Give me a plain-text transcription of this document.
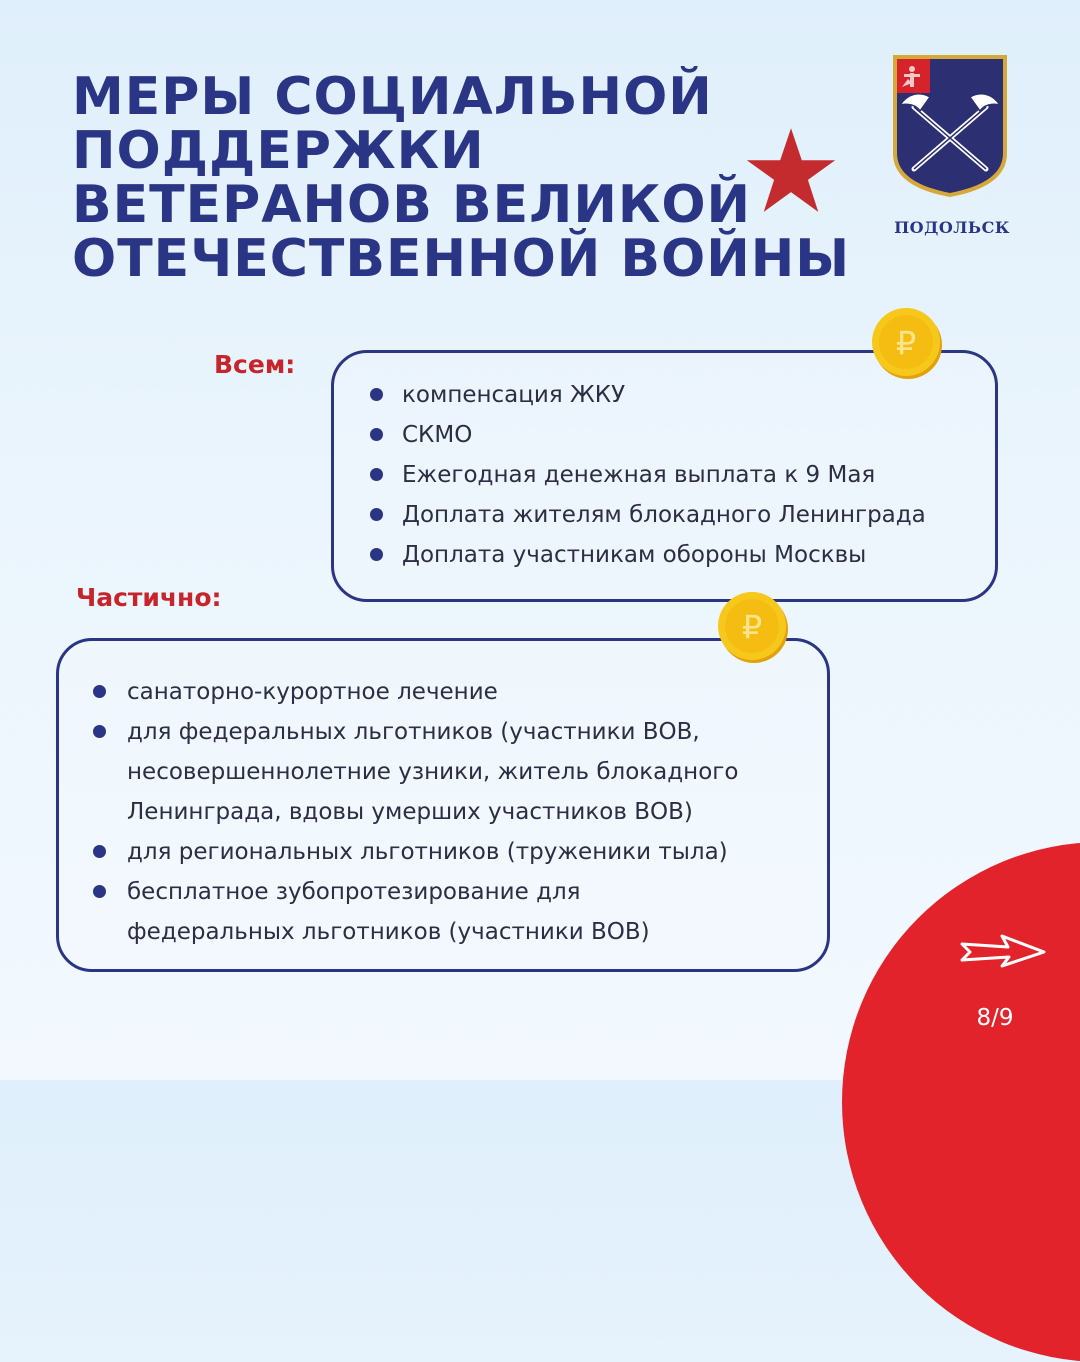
МЕРЫ СОЦИАЛЬНОЙ
ПОДДЕРЖКИ
ВЕТЕРАНОВ ВЕЛИКОЙ
ОТЕЧЕСТВЕННОЙ ВОЙНЫ
ПОДОЛЬСК

Всем:

компенсация ЖКУ
СКМО
Ежегодная денежная выплата к 9 Мая
Доплата жителям блокадного Ленинграда
Доплата участникам обороны Москвы
₽

Частично:

санаторно-курортное лечение
для федеральных льготников (участники ВОВ, несовершеннолетние узники, житель блокадного Ленинграда, вдовы умерших участников ВОВ)
для региональных льготников (труженики тыла)
бесплатное зубопротезирование для федеральных льготников (участники ВОВ)
₽
8/9
